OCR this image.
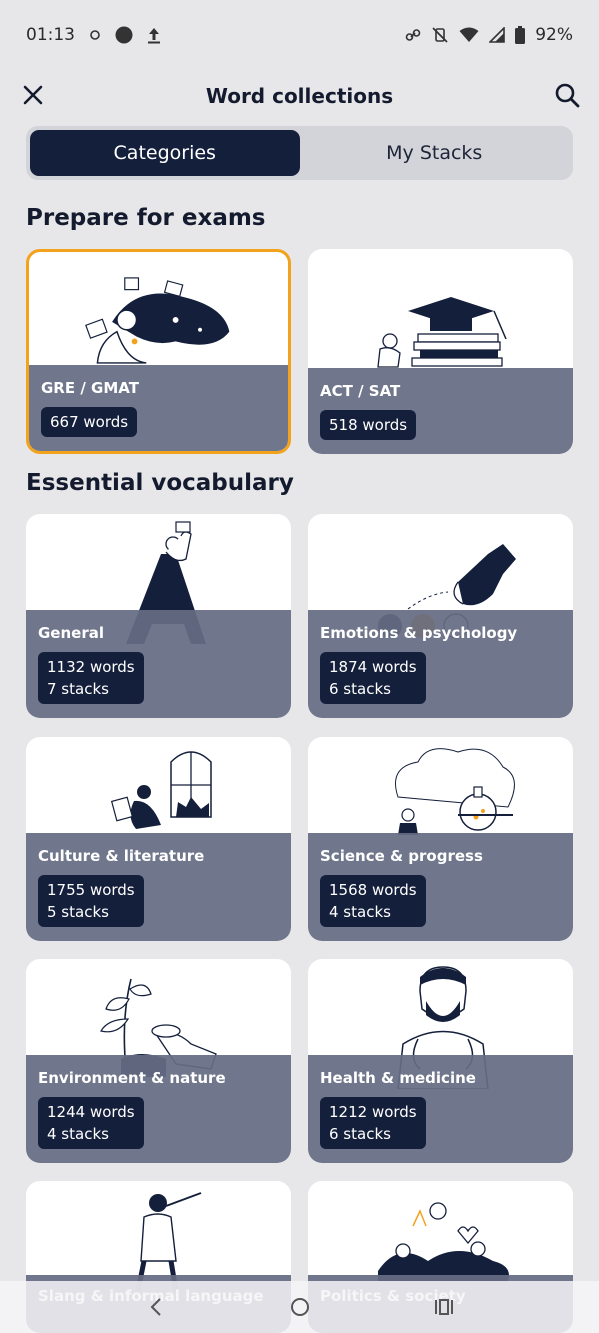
01:13	92%
Word collections
Categories	My Stacks
Prepare for exams
GRE / GMAT
667 words
ACT / SAT
518 words
Essential vocabulary
General
1132 words
7 stacks
Emotions & psychology
1874 words
6 stacks
Culture & literature
1755 words
5 stacks
Science & progress
1568 words
4 stacks
Environment & nature
1244 words
4 stacks
Health & medicine
1212 words
6 stacks
